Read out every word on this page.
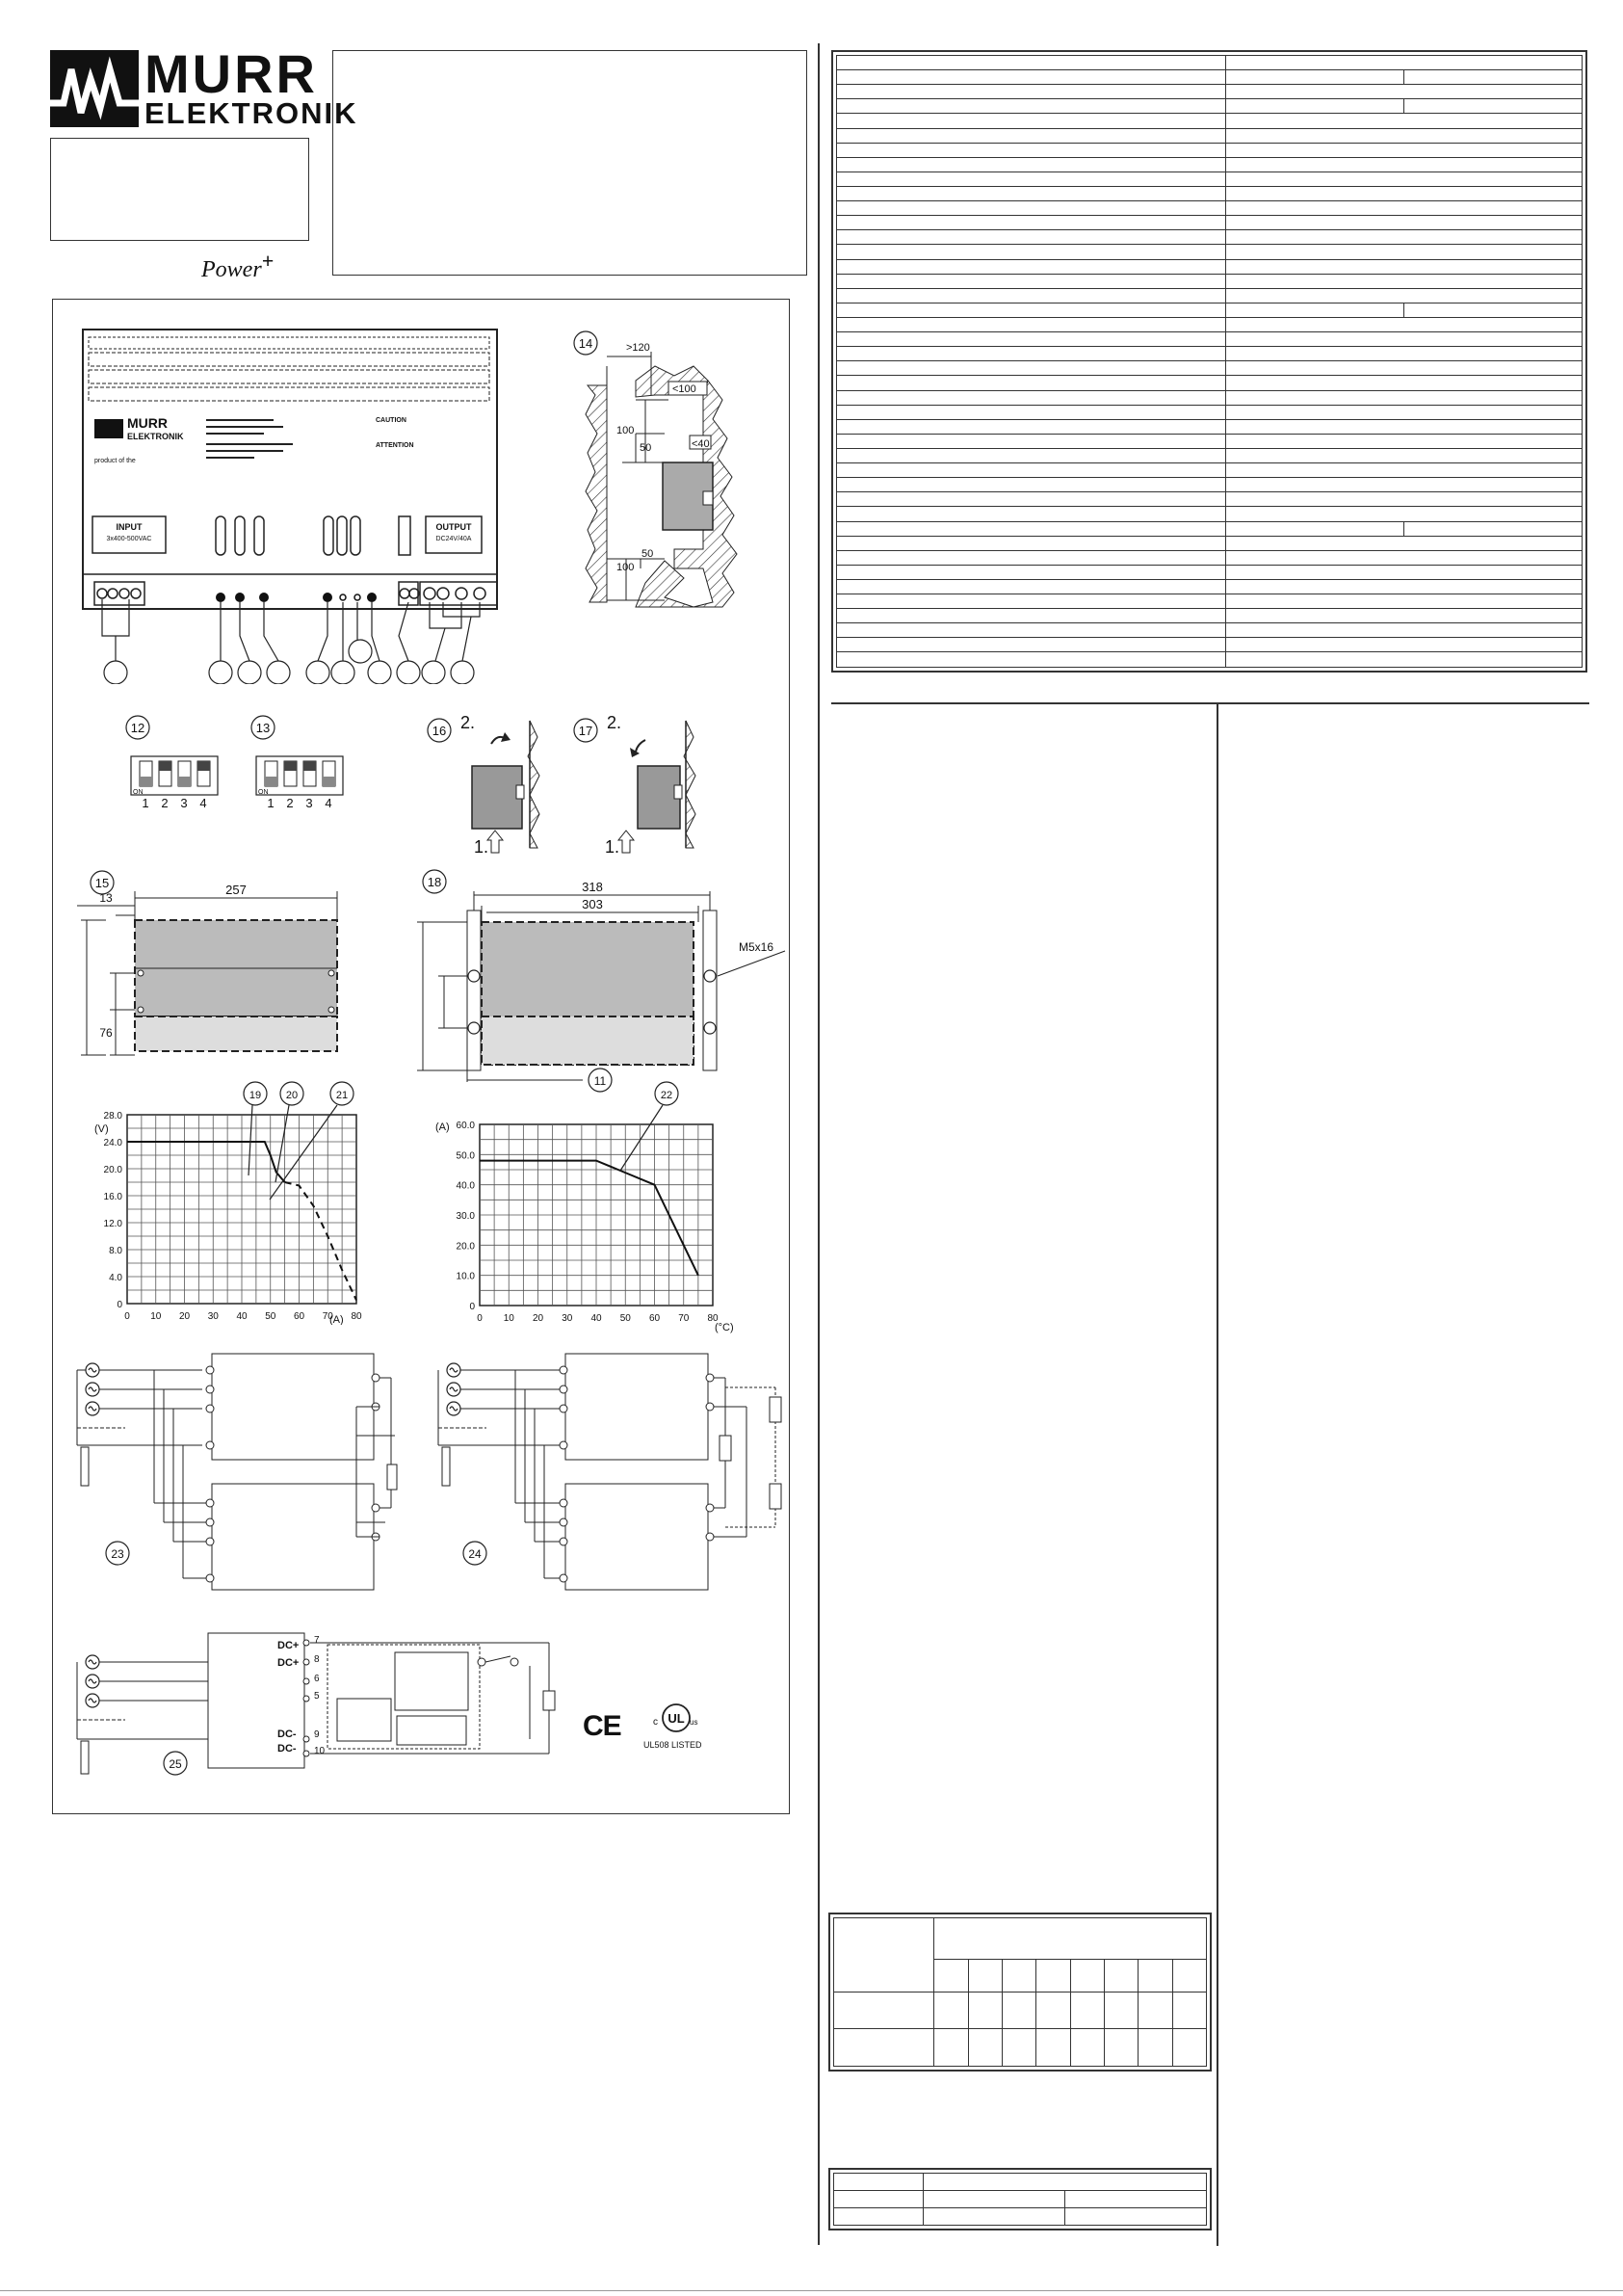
MURR
ELEKTRONIK
Power+
MURR
ELEKTRONIK
product of the
CAUTION
ATTENTION
INPUT
3x400-500VAC
OUTPUT
DC24V/40A
14	>120
<100
100
50	<40
50
100
12
ON
1 2 3 4
13
ON
1 2 3 4
16 2.
1.
17 2.
1.
15	257
13
76
18	318
303
M5x16
11
0 10 20 30 40 50 60 70 80
0
4.0
8.0
12.0
16.0
20.0
24.0
28.0
(V)
(A)
19 20	21
0 10 20 30 40 50 60 70 80
0
10.0
20.0
30.0
40.0
50.0
60.0
(A)
(°C)
22
23	24
DC+
DC+
DC-
DC-
7
8
6
5
9
10
25
CE	c UL us
UL508 LISTED
